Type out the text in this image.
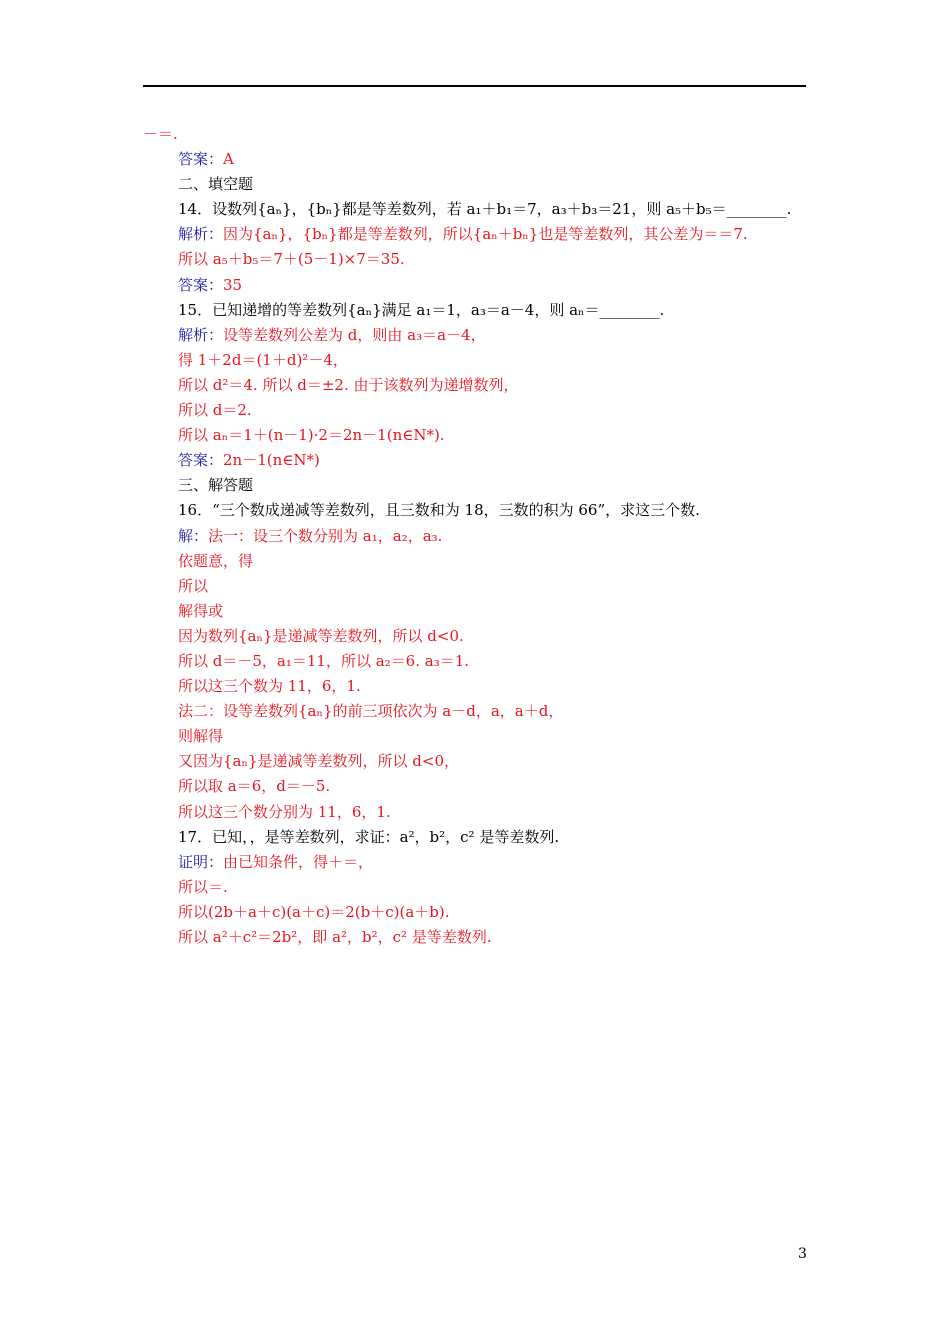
－＝.
答案：A
二、填空题
14．设数列{aₙ}，{bₙ}都是等差数列，若 a₁＋b₁＝7，a₃＋b₃＝21，则 a₅＋b₅＝________.
解析：因为{aₙ}，{bₙ}都是等差数列，所以{aₙ＋bₙ}也是等差数列，其公差为＝＝7.
所以 a₅＋b₅＝7＋(5－1)×7＝35.
答案：35
15．已知递增的等差数列{aₙ}满足 a₁＝1，a₃＝a－4，则 aₙ＝________.
解析：设等差数列公差为 d，则由 a₃＝a－4，
得 1＋2d＝(1＋d)²－4，
所以 d²＝4. 所以 d＝±2. 由于该数列为递增数列，
所以 d＝2.
所以 aₙ＝1＋(n－1)·2＝2n－1(n∈N*).
答案：2n－1(n∈N*)
三、解答题
16．“三个数成递减等差数列，且三数和为 18，三数的积为 66”，求这三个数.
解：法一：设三个数分别为 a₁，a₂，a₃.
依题意，得
所以
解得或
因为数列{aₙ}是递减等差数列，所以 d<0.
所以 d＝－5，a₁＝11，所以 a₂＝6. a₃＝1.
所以这三个数为 11，6，1.
法二：设等差数列{aₙ}的前三项依次为 a－d，a，a＋d，
则解得
又因为{aₙ}是递减等差数列，所以 d<0，
所以取 a＝6，d＝－5.
所以这三个数分别为 11，6，1.
17．已知，，是等差数列，求证：a²，b²，c² 是等差数列.
证明：由已知条件，得＋＝，
所以＝.
所以(2b＋a＋c)(a＋c)＝2(b＋c)(a＋b).
所以 a²＋c²＝2b²，即 a²，b²，c² 是等差数列.
3
